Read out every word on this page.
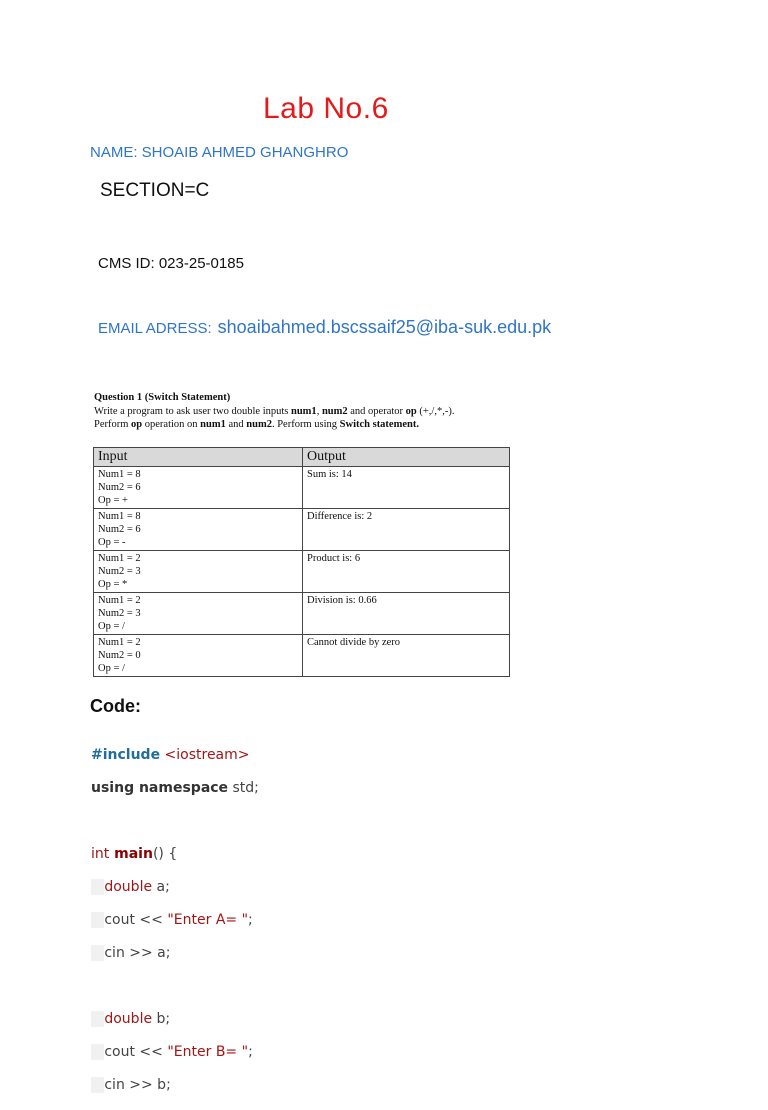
Lab No.6
NAME: SHOAIB AHMED GHANGHRO
SECTION=C
CMS ID: 023-25-0185
EMAIL ADRESS: shoaibahmed.bscssaif25@iba-suk.edu.pk
Question 1 (Switch Statement)
Write a program to ask user two double inputs num1, num2 and operator op (+,/,*,-).
Perform op operation on num1 and num2. Perform using Switch statement.
Input	Output

Num1 = 8
Num2 = 6
Op = +	Sum is: 14

Num1 = 8
Num2 = 6
Op = -	Difference is: 2

Num1 = 2
Num2 = 3
Op = *	Product is: 6

Num1 = 2
Num2 = 3
Op = /	Division is: 0.66

Num1 = 2
Num2 = 0
Op = /	Cannot divide by zero
Code:

#include <iostream>

using namespace std;

int main() {

double a;

cout << "Enter A= ";

cin >> a;

double b;

cout << "Enter B= ";

cin >> b;
